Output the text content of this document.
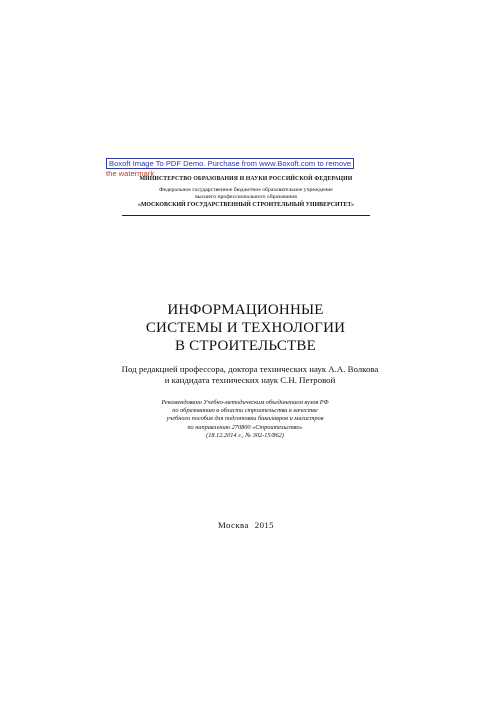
Boxoft Image To PDF Demo. Purchase from www.Boxoft.com to remove
the watermark
МИНИСТЕРСТВО ОБРАЗОВАНИЯ И НАУКИ РОССИЙСКОЙ ФЕДЕРАЦИИ
Федеральное государственное бюджетное образовательное учреждение
высшего профессионального образования
«МОСКОВСКИЙ ГОСУДАРСТВЕННЫЙ СТРОИТЕЛЬНЫЙ УНИВЕРСИТЕТ»
ИНФОРМАЦИОННЫЕ
СИСТЕМЫ И ТЕХНОЛОГИИ
В СТРОИТЕЛЬСТВЕ
Под редакцией профессора, доктора технических наук А.А. Волкова
и кандидата технических наук С.Н. Петровой
Рекомендовано Учебно-методическим объединением вузов РФ
по образованию в области строительства в качестве
учебного пособия для подготовки бакалавров и магистров
по направлению 270800 «Строительство»
(18.12.2014 г., № 302-15/862)
Москва 2015
